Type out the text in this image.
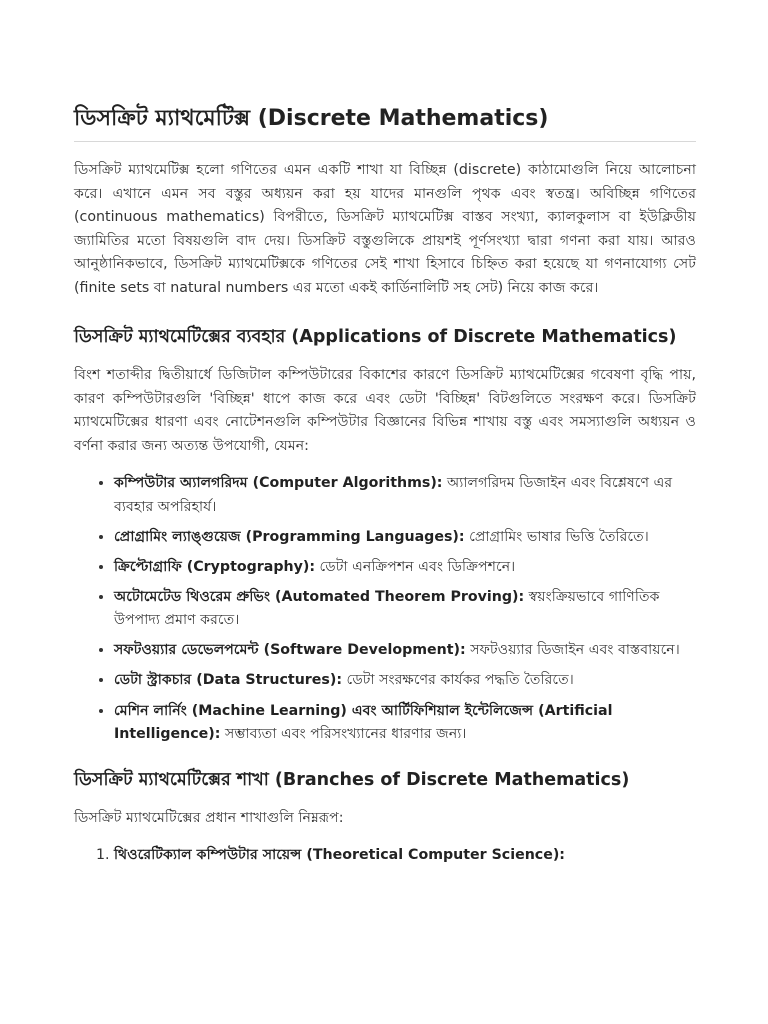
ডিসক্রিট ম্যাথমেটিক্স (Discrete Mathematics)

ডিসক্রিট ম্যাথমেটিক্স হলো গণিতের এমন একটি শাখা যা বিচ্ছিন্ন (discrete) কাঠামোগুলি নিয়ে আলোচনা করে। এখানে এমন সব বস্তুর অধ্যয়ন করা হয় যাদের মানগুলি পৃথক এবং স্বতন্ত্র। অবিচ্ছিন্ন গণিতের (continuous mathematics) বিপরীতে, ডিসক্রিট ম্যাথমেটিক্স বাস্তব সংখ্যা, ক্যালকুলাস বা ইউক্লিডীয় জ্যামিতির মতো বিষয়গুলি বাদ দেয়। ডিসক্রিট বস্তুগুলিকে প্রায়শই পূর্ণসংখ্যা দ্বারা গণনা করা যায়। আরও আনুষ্ঠানিকভাবে, ডিসক্রিট ম্যাথমেটিক্সকে গণিতের সেই শাখা হিসাবে চিহ্নিত করা হয়েছে যা গণনাযোগ্য সেট (finite sets বা natural numbers এর মতো একই কার্ডিনালিটি সহ সেট) নিয়ে কাজ করে।

ডিসক্রিট ম্যাথমেটিক্সের ব্যবহার (Applications of Discrete Mathematics)

বিংশ শতাব্দীর দ্বিতীয়ার্ধে ডিজিটাল কম্পিউটারের বিকাশের কারণে ডিসক্রিট ম্যাথমেটিক্সের গবেষণা বৃদ্ধি পায়, কারণ কম্পিউটারগুলি 'বিচ্ছিন্ন' ধাপে কাজ করে এবং ডেটা 'বিচ্ছিন্ন' বিটগুলিতে সংরক্ষণ করে। ডিসক্রিট ম্যাথমেটিক্সের ধারণা এবং নোটেশনগুলি কম্পিউটার বিজ্ঞানের বিভিন্ন শাখায় বস্তু এবং সমস্যাগুলি অধ্যয়ন ও বর্ণনা করার জন্য অত্যন্ত উপযোগী, যেমন:

• কম্পিউটার অ্যালগরিদম (Computer Algorithms): অ্যালগরিদম ডিজাইন এবং বিশ্লেষণে এর ব্যবহার অপরিহার্য।
• প্রোগ্রামিং ল্যাঙ্গুয়েজ (Programming Languages): প্রোগ্রামিং ভাষার ভিত্তি তৈরিতে।
• ক্রিপ্টোগ্রাফি (Cryptography): ডেটা এনক্রিপশন এবং ডিক্রিপশনে।
• অটোমেটেড থিওরেম প্রুভিং (Automated Theorem Proving): স্বয়ংক্রিয়ভাবে গাণিতিক উপপাদ্য প্রমাণ করতে।
• সফটওয়্যার ডেভেলপমেন্ট (Software Development): সফটওয়্যার ডিজাইন এবং বাস্তবায়নে।
• ডেটা স্ট্রাকচার (Data Structures): ডেটা সংরক্ষণের কার্যকর পদ্ধতি তৈরিতে।
• মেশিন লার্নিং (Machine Learning) এবং আর্টিফিশিয়াল ইন্টেলিজেন্স (Artificial Intelligence): সম্ভাব্যতা এবং পরিসংখ্যানের ধারণার জন্য।
ডিসক্রিট ম্যাথমেটিক্সের শাখা (Branches of Discrete Mathematics)

ডিসক্রিট ম্যাথমেটিক্সের প্রধান শাখাগুলি নিম্নরূপ:

1. থিওরেটিক্যাল কম্পিউটার সায়েন্স (Theoretical Computer Science):
